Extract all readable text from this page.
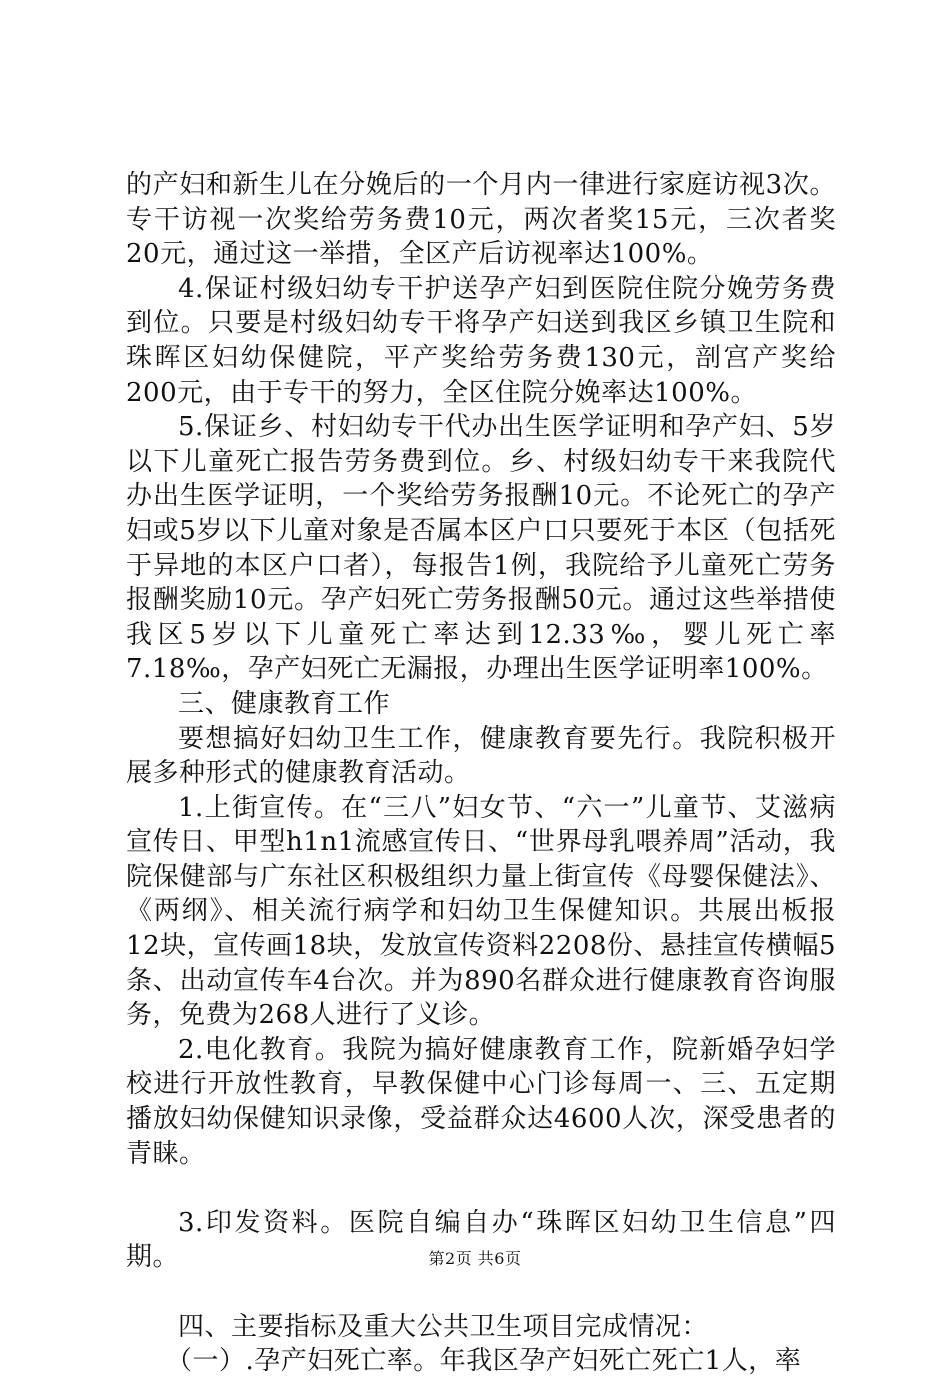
的产妇和新生儿在分娩后的一个月内一律进行家庭访视3次。专干访视一次奖给劳务费10元，两次者奖15元，三次者奖20元，通过这一举措，全区产后访视率达100%。

4.保证村级妇幼专干护送孕产妇到医院住院分娩劳务费到位。只要是村级妇幼专干将孕产妇送到我区乡镇卫生院和珠晖区妇幼保健院，平产奖给劳务费130元，剖宫产奖给200元，由于专干的努力，全区住院分娩率达100%。

5.保证乡、村妇幼专干代办出生医学证明和孕产妇、5岁以下儿童死亡报告劳务费到位。乡、村级妇幼专干来我院代办出生医学证明，一个奖给劳务报酬10元。不论死亡的孕产妇或5岁以下儿童对象是否属本区户口只要死于本区（包括死于异地的本区户口者），每报告1例，我院给予儿童死亡劳务报酬奖励10元。孕产妇死亡劳务报酬50元。通过这些举措使我区5岁以下儿童死亡率达到12.33‰，婴儿死亡率7.18‰，孕产妇死亡无漏报，办理出生医学证明率100%。

三、健康教育工作

要想搞好妇幼卫生工作，健康教育要先行。我院积极开展多种形式的健康教育活动。

1.上街宣传。在“三八”妇女节、“六一”儿童节、艾滋病宣传日、甲型h1n1流感宣传日、“世界母乳喂养周”活动，我院保健部与广东社区积极组织力量上街宣传《母婴保健法》、《两纲》、相关流行病学和妇幼卫生保健知识。共展出板报12块，宣传画18块，发放宣传资料2208份、悬挂宣传横幅5条、出动宣传车4台次。并为890名群众进行健康教育咨询服务，免费为268人进行了义诊。

2.电化教育。我院为搞好健康教育工作，院新婚孕妇学校进行开放性教育，早教保健中心门诊每周一、三、五定期播放妇幼保健知识录像，受益群众达4600人次，深受患者的青睐。

3.印发资料。医院自编自办“珠晖区妇幼卫生信息”四期。

四、主要指标及重大公共卫生项目完成情况：

（一）.孕产妇死亡率。年我区孕产妇死亡死亡1人，率

第2页 共6页
